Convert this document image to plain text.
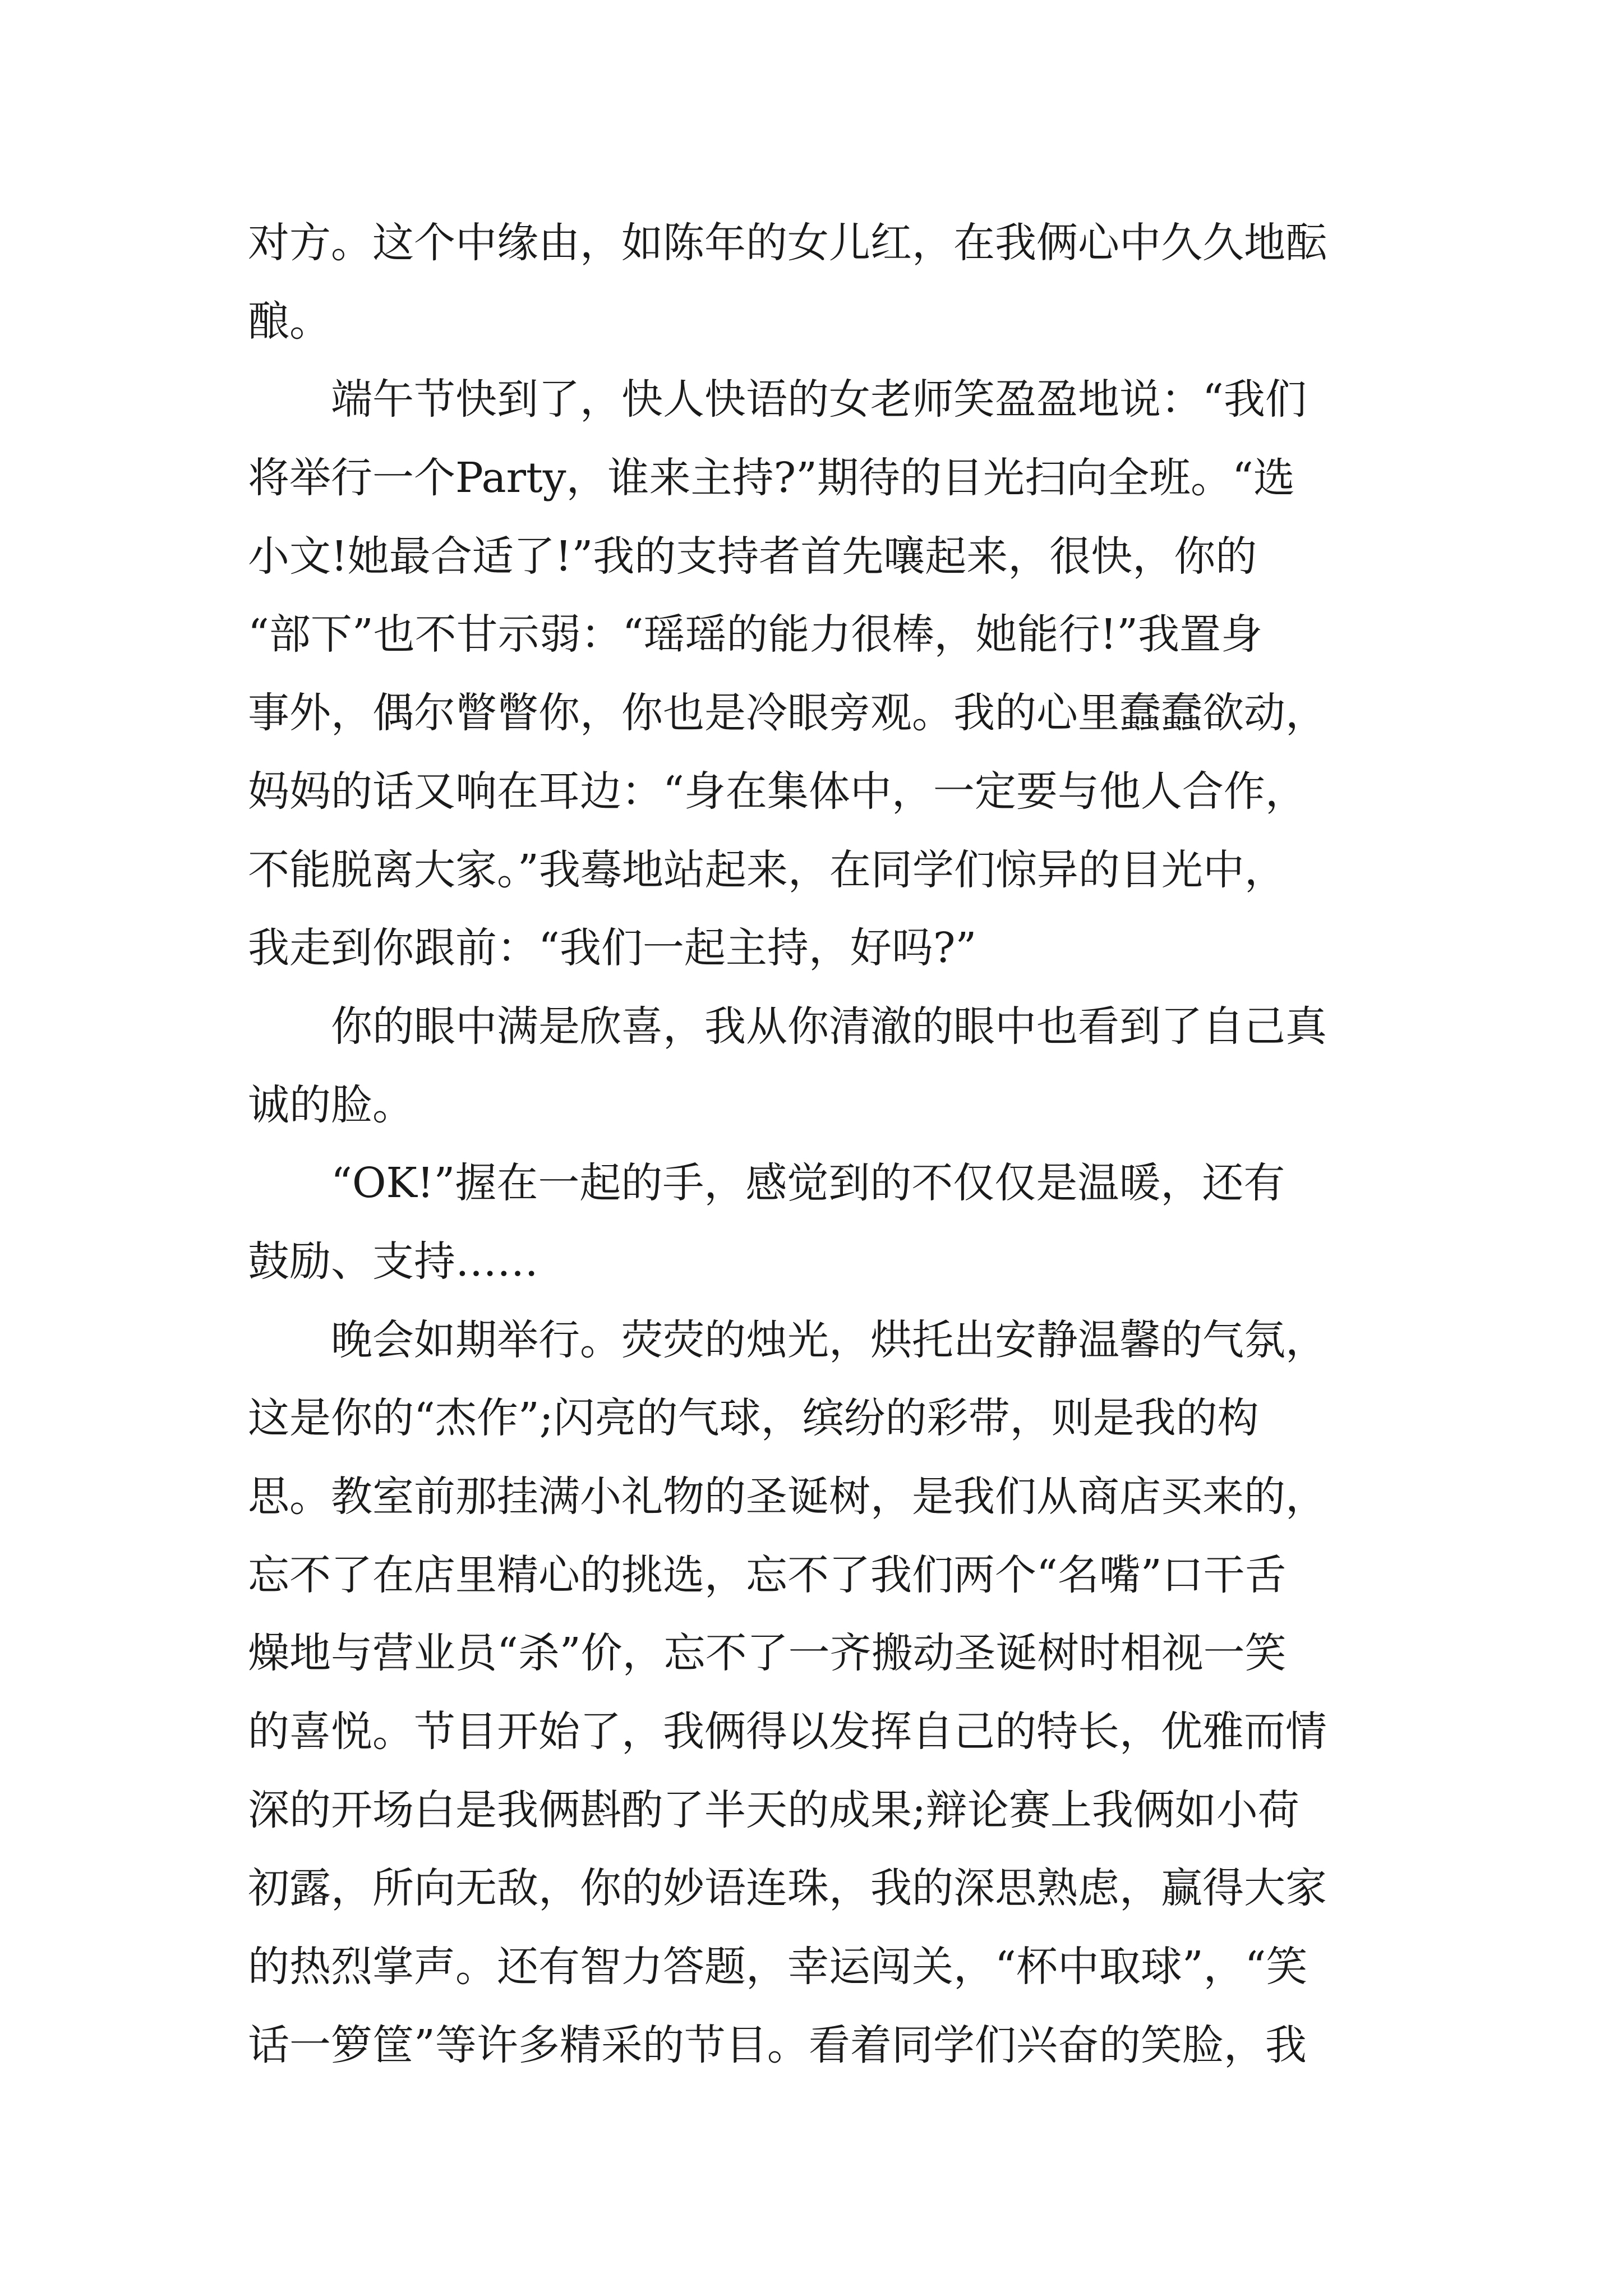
对方。这个中缘由，如陈年的女儿红，在我俩心中久久地酝
酿。
　　端午节快到了，快人快语的女老师笑盈盈地说：“我们
将举行一个Party，谁来主持?”期待的目光扫向全班。“选
小文!她最合适了!”我的支持者首先嚷起来，很快，你的
“部下”也不甘示弱：“瑶瑶的能力很棒，她能行!”我置身
事外，偶尔瞥瞥你，你也是冷眼旁观。我的心里蠢蠢欲动，
妈妈的话又响在耳边：“身在集体中，一定要与他人合作，
不能脱离大家。”我蓦地站起来，在同学们惊异的目光中，
我走到你跟前：“我们一起主持，好吗?”
　　你的眼中满是欣喜，我从你清澈的眼中也看到了自己真
诚的脸。
　　“OK!”握在一起的手，感觉到的不仅仅是温暖，还有
鼓励、支持……
　　晚会如期举行。荧荧的烛光，烘托出安静温馨的气氛，
这是你的“杰作”;闪亮的气球，缤纷的彩带，则是我的构
思。教室前那挂满小礼物的圣诞树，是我们从商店买来的，
忘不了在店里精心的挑选，忘不了我们两个“名嘴”口干舌
燥地与营业员“杀”价，忘不了一齐搬动圣诞树时相视一笑
的喜悦。节目开始了，我俩得以发挥自己的特长，优雅而情
深的开场白是我俩斟酌了半天的成果;辩论赛上我俩如小荷
初露，所向无敌，你的妙语连珠，我的深思熟虑，赢得大家
的热烈掌声。还有智力答题，幸运闯关，“杯中取球”，“笑
话一箩筐”等许多精采的节目。看着同学们兴奋的笑脸，我
